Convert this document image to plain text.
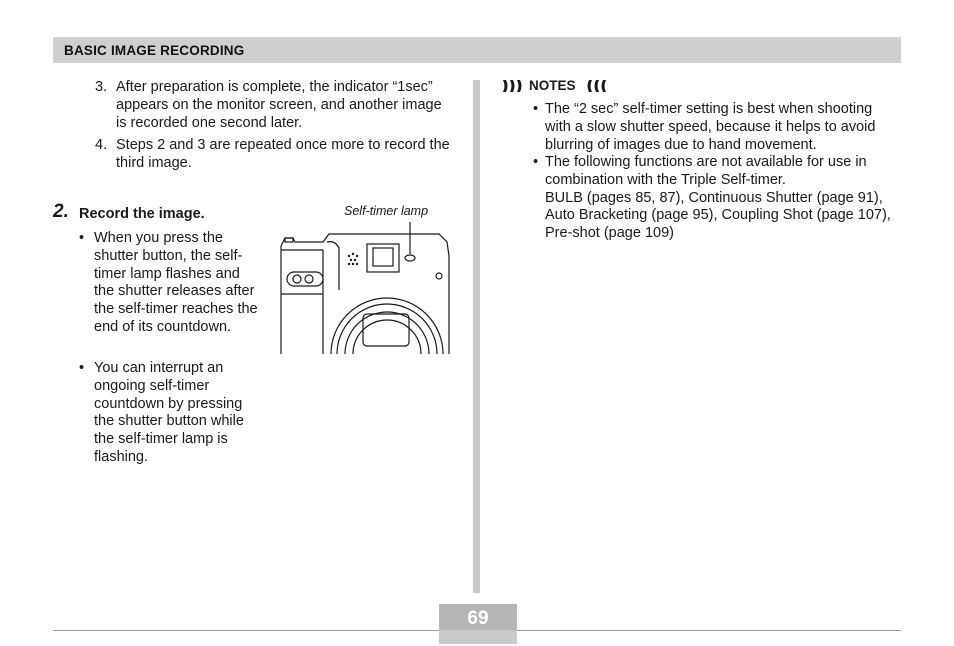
BASIC IMAGE RECORDING
3. After preparation is complete, the indicator “1sec” appears on the monitor screen, and another image is recorded one second later.
4. Steps 2 and 3 are repeated once more to record the third image.
2. Record the image.
• When you press the shutter button, the self-timer lamp flashes and the shutter releases after the self-timer reaches the end of its countdown.
• You can interrupt an ongoing self-timer countdown by pressing the shutter button while the self-timer lamp is flashing.
Self-timer lamp
NOTES
• The “2 sec” self-timer setting is best when shooting with a slow shutter speed, because it helps to avoid blurring of images due to hand movement.
• The following functions are not available for use in combination with the Triple Self-timer.
BULB (pages 85, 87), Continuous Shutter (page 91), Auto Bracketing (page 95), Coupling Shot (page 107), Pre-shot (page 109)
69
